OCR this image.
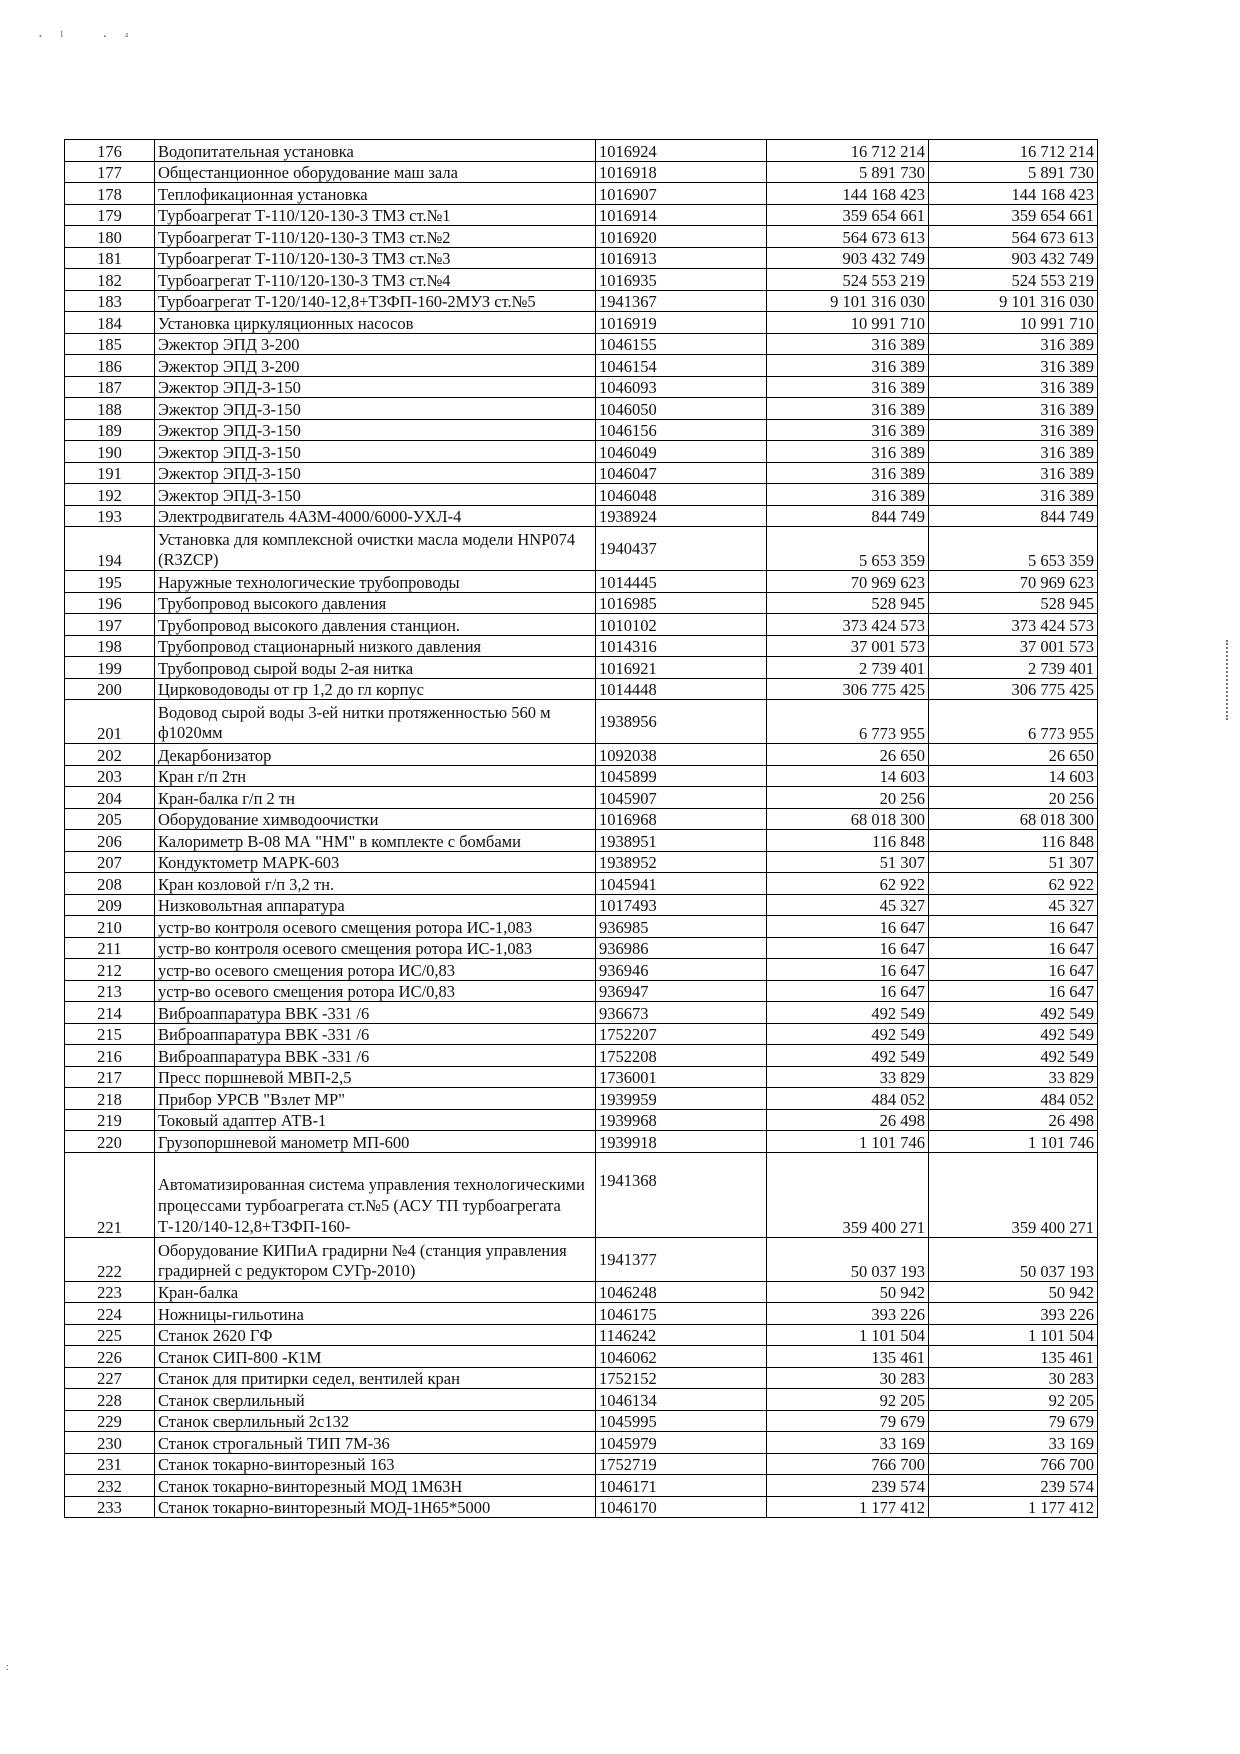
·ˡ ·ʴ
:
176	Водопитательная установка	1016924	16 712 214	16 712 214
177	Общестанционное оборудование маш зала	1016918	5 891 730	5 891 730
178	Теплофикационная установка	1016907	144 168 423	144 168 423
179	Турбоагрегат Т-110/120-130-3 ТМЗ ст.№1	1016914	359 654 661	359 654 661
180	Турбоагрегат Т-110/120-130-3 ТМЗ ст.№2	1016920	564 673 613	564 673 613
181	Турбоагрегат Т-110/120-130-3 ТМЗ ст.№3	1016913	903 432 749	903 432 749
182	Турбоагрегат Т-110/120-130-3 ТМЗ ст.№4	1016935	524 553 219	524 553 219
183	Турбоагрегат Т-120/140-12,8+ТЗФП-160-2МУЗ ст.№5	1941367	9 101 316 030	9 101 316 030
184	Установка циркуляционных насосов	1016919	10 991 710	10 991 710
185	Эжектор ЭПД 3-200	1046155	316 389	316 389
186	Эжектор ЭПД 3-200	1046154	316 389	316 389
187	Эжектор ЭПД-3-150	1046093	316 389	316 389
188	Эжектор ЭПД-3-150	1046050	316 389	316 389
189	Эжектор ЭПД-3-150	1046156	316 389	316 389
190	Эжектор ЭПД-3-150	1046049	316 389	316 389
191	Эжектор ЭПД-3-150	1046047	316 389	316 389
192	Эжектор ЭПД-3-150	1046048	316 389	316 389
193	Электродвигатель 4АЗМ-4000/6000-УХЛ-4	1938924	844 749	844 749
194	Установка для комплексной очистки масла модели HNP074 (R3ZCP)	1940437	5 653 359	5 653 359
195	Наружные технологические трубопроводы	1014445	70 969 623	70 969 623
196	Трубопровод высокого давления	1016985	528 945	528 945
197	Трубопровод высокого давления станцион.	1010102	373 424 573	373 424 573
198	Трубопровод стационарный низкого давления	1014316	37 001 573	37 001 573
199	Трубопровод сырой воды 2-ая нитка	1016921	2 739 401	2 739 401
200	Цирководоводы от гр 1,2 до гл корпус	1014448	306 775 425	306 775 425
201	Водовод сырой воды 3-ей нитки протяженностью 560 м ф1020мм	1938956	6 773 955	6 773 955
202	Декарбонизатор	1092038	26 650	26 650
203	Кран г/п 2тн	1045899	14 603	14 603
204	Кран-балка г/п 2 тн	1045907	20 256	20 256
205	Оборудование химводоочистки	1016968	68 018 300	68 018 300
206	Калориметр В-08 МА "НМ" в комплекте с бомбами	1938951	116 848	116 848
207	Кондуктометр МАРК-603	1938952	51 307	51 307
208	Кран козловой г/п 3,2 тн.	1045941	62 922	62 922
209	Низковольтная аппаратура	1017493	45 327	45 327
210	устр-во контроля осевого смещения ротора ИС-1,083	936985	16 647	16 647
211	устр-во контроля осевого смещения ротора ИС-1,083	936986	16 647	16 647
212	устр-во осевого смещения ротора ИС/0,83	936946	16 647	16 647
213	устр-во осевого смещения ротора ИС/0,83	936947	16 647	16 647
214	Виброаппаратура ВВК -331 /6	936673	492 549	492 549
215	Виброаппаратура ВВК -331 /6	1752207	492 549	492 549
216	Виброаппаратура ВВК -331 /6	1752208	492 549	492 549
217	Пресс поршневой МВП-2,5	1736001	33 829	33 829
218	Прибор УРСВ "Взлет МР"	1939959	484 052	484 052
219	Токовый адаптер АТВ-1	1939968	26 498	26 498
220	Грузопоршневой манометр МП-600	1939918	1 101 746	1 101 746
221	Автоматизированная система управления технологическими процессами турбоагрегата ст.№5 (АСУ ТП турбоагрегата Т-120/140-12,8+ТЗФП-160-	1941368	359 400 271	359 400 271
222	Оборудование КИПиА градирни №4 (станция управления градирней с редуктором СУГр-2010)	1941377	50 037 193	50 037 193
223	Кран-балка	1046248	50 942	50 942
224	Ножницы-гильотина	1046175	393 226	393 226
225	Станок 2620 ГФ	1146242	1 101 504	1 101 504
226	Станок СИП-800 -К1М	1046062	135 461	135 461
227	Станок для притирки седел, вентилей кран	1752152	30 283	30 283
228	Станок сверлильный	1046134	92 205	92 205
229	Станок сверлильный 2с132	1045995	79 679	79 679
230	Станок строгальный ТИП 7М-36	1045979	33 169	33 169
231	Станок токарно-винторезный 163	1752719	766 700	766 700
232	Станок токарно-винторезный МОД 1М63Н	1046171	239 574	239 574
233	Станок токарно-винторезный МОД-1Н65*5000	1046170	1 177 412	1 177 412
